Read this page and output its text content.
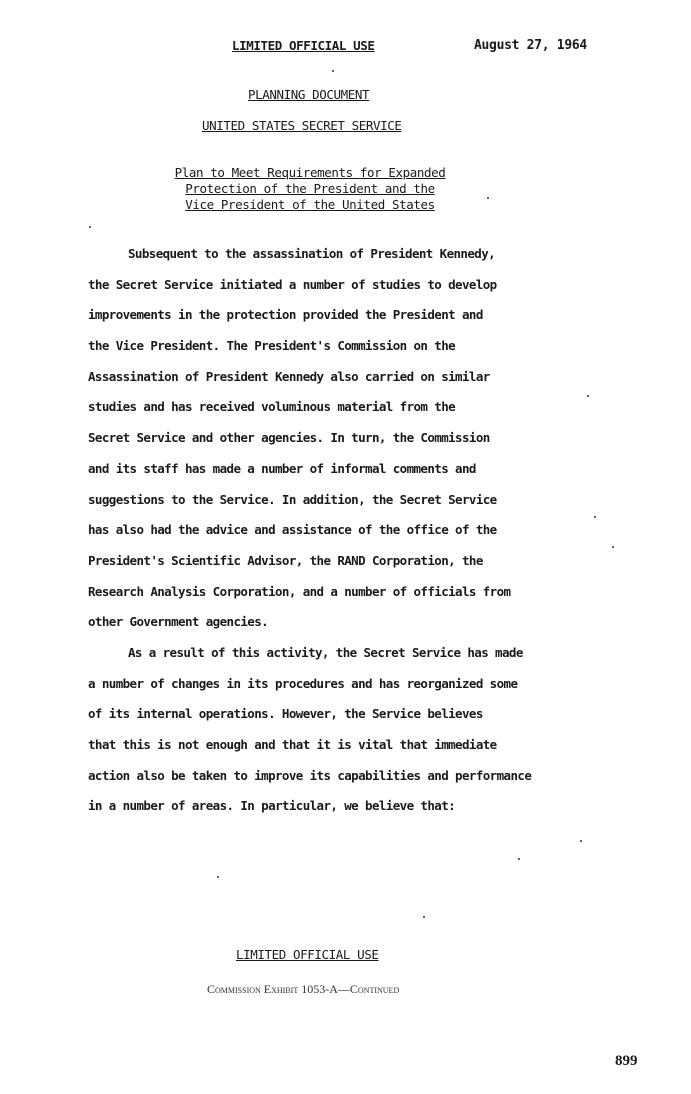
LIMITED OFFICIAL USE	August 27, 1964
PLANNING DOCUMENT
UNITED STATES SECRET SERVICE
Plan to Meet Requirements for Expanded
Protection of the President and the
Vice President of the United States
Subsequent to the assassination of President Kennedy,
the Secret Service initiated a number of studies to develop
improvements in the protection provided the President and
the Vice President. The President's Commission on the
Assassination of President Kennedy also carried on similar
studies and has received voluminous material from the
Secret Service and other agencies. In turn, the Commission
and its staff has made a number of informal comments and
suggestions to the Service. In addition, the Secret Service
has also had the advice and assistance of the office of the
President's Scientific Advisor, the RAND Corporation, the
Research Analysis Corporation, and a number of officials from
other Government agencies.
As a result of this activity, the Secret Service has made
a number of changes in its procedures and has reorganized some
of its internal operations. However, the Service believes
that this is not enough and that it is vital that immediate
action also be taken to improve its capabilities and performance
in a number of areas. In particular, we believe that:
LIMITED OFFICIAL USE
Commission Exhibit 1053-A—Continued
899
